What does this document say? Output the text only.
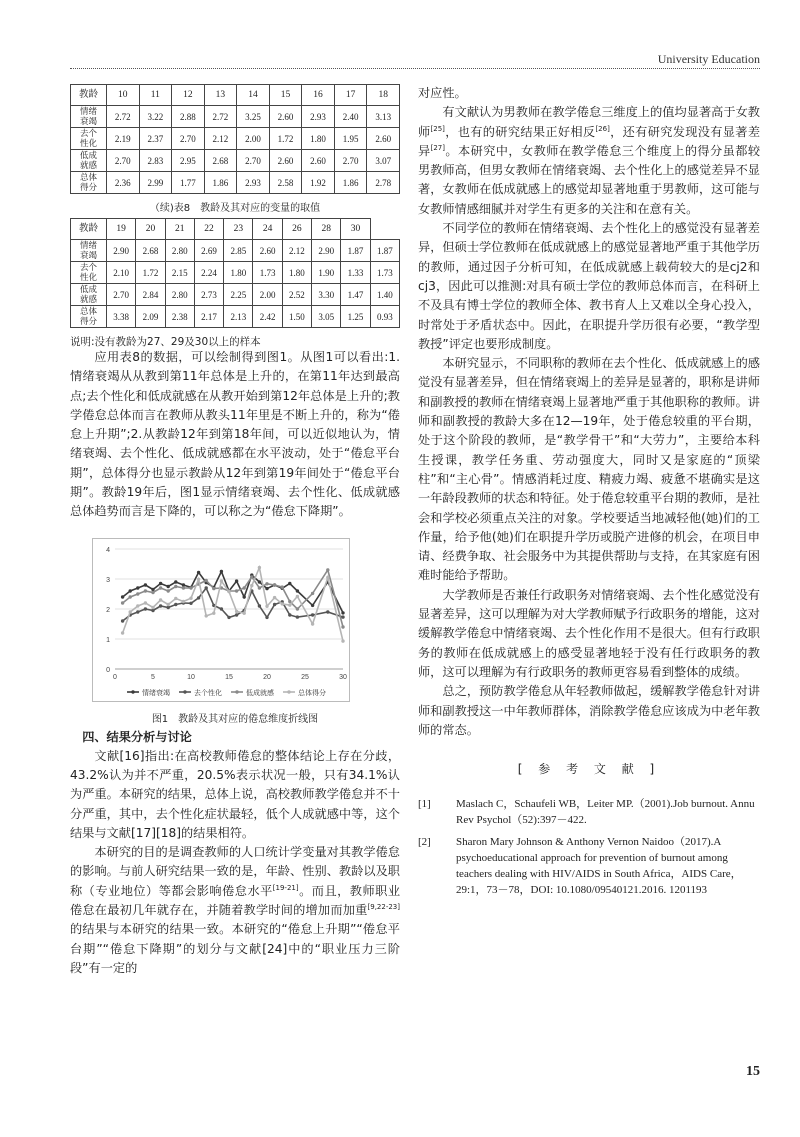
University Education
教龄	10	11	12	13	14	15	16	17	18
情绪
衰竭	2.72	3.22	2.88	2.72	3.25	2.60	2.93	2.40	3.13
去个
性化	2.19	2.37	2.70	2.12	2.00	1.72	1.80	1.95	2.60
低成
就感	2.70	2.83	2.95	2.68	2.70	2.60	2.60	2.70	3.07
总体
得分	2.36	2.99	1.77	1.86	2.93	2.58	1.92	1.86	2.78
（续)表8　教龄及其对应的变量的取值
教龄	19	20	21	22	23	24	26	28	30	
情绪
衰竭	2.90	2.68	2.80	2.69	2.85	2.60	2.12	2.90	1.87	1.87
去个
性化	2.10	1.72	2.15	2.24	1.80	1.73	1.80	1.90	1.33	1.73
低成
就感	2.70	2.84	2.80	2.73	2.25	2.00	2.52	3.30	1.47	1.40
总体
得分	3.38	2.09	2.38	2.17	2.13	2.42	1.50	3.05	1.25	0.93
说明:没有教龄为27、29及30以上的样本

应用表8的数据，可以绘制得到图1。从图1可以看出:1.情绪衰竭从从教到第11年总体是上升的，在第11年达到最高点;去个性化和低成就感在从教开始到第12年总体是上升的;教学倦怠总体而言在教师从教头11年里是不断上升的，称为“倦怠上升期”;2.从教龄12年到第18年间，可以近似地认为，情绪衰竭、去个性化、低成就感都在水平波动，处于“倦怠平台期”，总体得分也显示教龄从12年到第19年间处于“倦怠平台期”。教龄19年后，图1显示情绪衰竭、去个性化、低成就感总体趋势而言是下降的，可以称之为“倦怠下降期”。

0
1
2
3
4
0	5	10	15	20	25	30
情绪衰竭	去个性化	低成就感	总体得分
图1　教龄及其对应的倦怠维度折线图
四、结果分析与讨论

文献[16]指出:在高校教师倦怠的整体结论上存在分歧，43.2%认为并不严重，20.5%表示状况一般，只有34.1%认为严重。本研究的结果，总体上说，高校教师教学倦怠并不十分严重，其中，去个性化症状最轻，低个人成就感中等，这个结果与文献[17][18]的结果相符。

本研究的目的是调查教师的人口统计学变量对其教学倦怠的影响。与前人研究结果一致的是，年龄、性别、教龄以及职称（专业地位）等都会影响倦怠水平[19-21]。而且，教师职业倦怠在最初几年就存在，并随着教学时间的增加而加重[9,22-23]的结果与本研究的结果一致。本研究的“倦怠上升期”“倦怠平台期”“倦怠下降期”的划分与文献[24]中的“职业压力三阶段”有一定的

对应性。

有文献认为男教师在教学倦怠三维度上的值均显著高于女教师[25]，也有的研究结果正好相反[26]，还有研究发现没有显著差异[27]。本研究中，女教师在教学倦怠三个维度上的得分虽都较男教师高，但男女教师在情绪衰竭、去个性化上的感觉差异不显著，女教师在低成就感上的感觉却显著地重于男教师，这可能与女教师情感细腻并对学生有更多的关注和在意有关。

不同学位的教师在情绪衰竭、去个性化上的感觉没有显著差异，但硕士学位教师在低成就感上的感觉显著地严重于其他学历的教师，通过因子分析可知，在低成就感上载荷较大的是cj2和cj3，因此可以推测:对具有硕士学位的教师总体而言，在科研上不及具有博士学位的教师全体、教书育人上又难以全身心投入，时常处于矛盾状态中。因此，在职提升学历很有必要，“教学型教授”评定也要形成制度。

本研究显示，不同职称的教师在去个性化、低成就感上的感觉没有显著差异，但在情绪衰竭上的差异是显著的，职称是讲师和副教授的教师在情绪衰竭上显著地严重于其他职称的教师。讲师和副教授的教龄大多在12—19年，处于倦怠较重的平台期，处于这个阶段的教师，是“教学骨干”和“大劳力”，主要给本科生授课，教学任务重、劳动强度大，同时又是家庭的“顶梁柱”和“主心骨”。情感消耗过度、精疲力竭、疲惫不堪确实是这一年龄段教师的状态和特征。处于倦怠较重平台期的教师，是社会和学校必须重点关注的对象。学校要适当地减轻他(她)们的工作量，给予他(她)们在职提升学历或脱产进修的机会，在项目申请、经费争取、社会服务中为其提供帮助与支持，在其家庭有困难时能给予帮助。

大学教师是否兼任行政职务对情绪衰竭、去个性化感觉没有显著差异，这可以理解为对大学教师赋予行政职务的增能，这对缓解教学倦怠中情绪衰竭、去个性化作用不是很大。但有行政职务的教师在低成就感上的感受显著地轻于没有任行政职务的教师，这可以理解为有行政职务的教师更容易看到整体的成绩。

总之，预防教学倦怠从年轻教师做起，缓解教学倦怠针对讲师和副教授这一中年教师群体，消除教学倦怠应该成为中老年教师的常态。

[ 参 考 文 献 ]
[1]	Maslach C，Schaufeli WB，Leiter MP.（2001).Job burnout. Annu Rev Psychol（52):397－422.
[2]	Sharon Mary Johnson & Anthony Vernon Naidoo（2017).A psychoeducational approach for prevention of burnout among teachers dealing with HIV/AIDS in South Africa，AIDS Care，29:1，73－78，DOI: 10.1080/09540121.2016. 1201193
15
